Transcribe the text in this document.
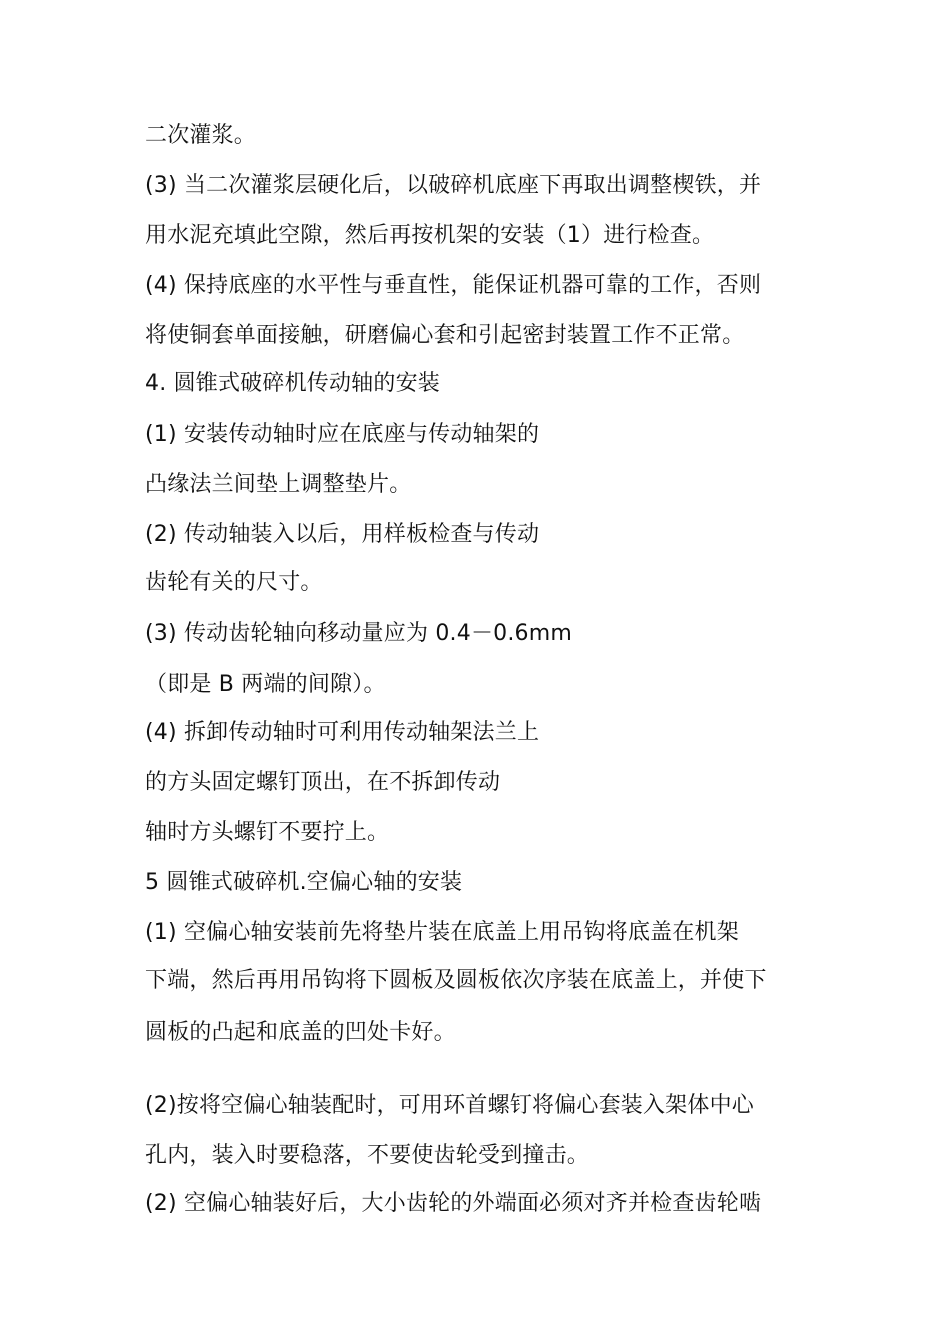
二次灌浆。
(3) 当二次灌浆层硬化后，以破碎机底座下再取出调整楔铁，并
用水泥充填此空隙，然后再按机架的安装（1）进行检查。
(4) 保持底座的水平性与垂直性，能保证机器可靠的工作，否则
将使铜套单面接触，研磨偏心套和引起密封装置工作不正常。
4. 圆锥式破碎机传动轴的安装
(1) 安装传动轴时应在底座与传动轴架的
凸缘法兰间垫上调整垫片。
(2) 传动轴装入以后，用样板检查与传动
齿轮有关的尺寸。
(3) 传动齿轮轴向移动量应为 0.4－0.6mm
（即是 B 两端的间隙）。
(4) 拆卸传动轴时可利用传动轴架法兰上
的方头固定螺钉顶出，在不拆卸传动
轴时方头螺钉不要拧上。
5 圆锥式破碎机.空偏心轴的安装
(1) 空偏心轴安装前先将垫片装在底盖上用吊钩将底盖在机架
下端，然后再用吊钩将下圆板及圆板依次序装在底盖上，并使下
圆板的凸起和底盖的凹处卡好。
(2)按将空偏心轴装配时，可用环首螺钉将偏心套装入架体中心
孔内，装入时要稳落，不要使齿轮受到撞击。
(2) 空偏心轴装好后，大小齿轮的外端面必须对齐并检查齿轮啮
